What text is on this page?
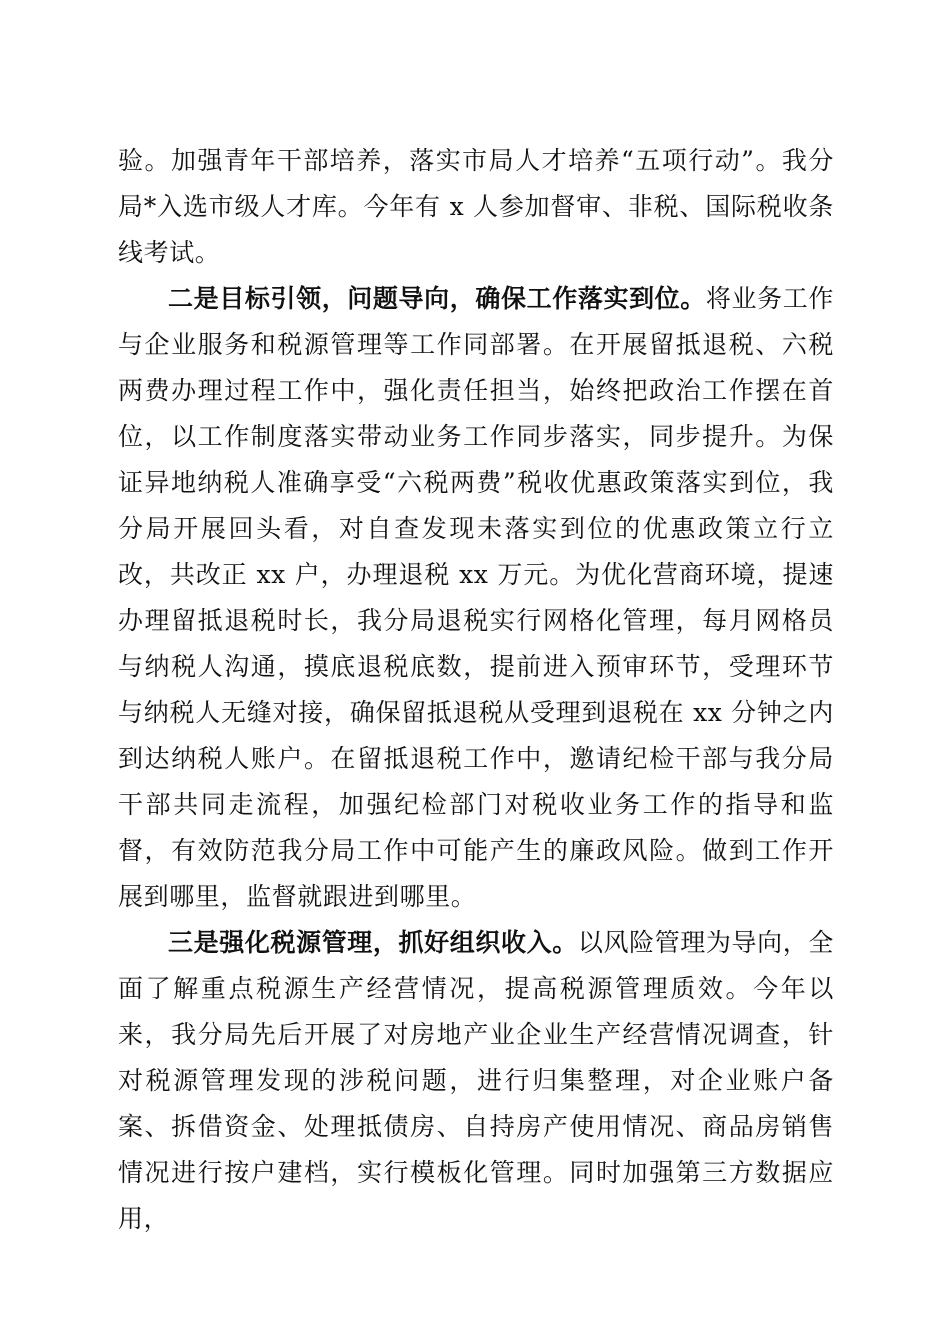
验。加强青年干部培养，落实市局人才培养“五项行动”。我分局*入选市级人才库。今年有 x 人参加督审、非税、国际税收条线考试。

二是目标引领，问题导向，确保工作落实到位。将业务工作与企业服务和税源管理等工作同部署。在开展留抵退税、六税两费办理过程工作中，强化责任担当，始终把政治工作摆在首位，以工作制度落实带动业务工作同步落实，同步提升。为保证异地纳税人准确享受“六税两费”税收优惠政策落实到位，我分局开展回头看，对自查发现未落实到位的优惠政策立行立改，共改正 xx 户，办理退税 xx 万元。为优化营商环境，提速办理留抵退税时长，我分局退税实行网格化管理，每月网格员与纳税人沟通，摸底退税底数，提前进入预审环节，受理环节与纳税人无缝对接，确保留抵退税从受理到退税在 xx 分钟之内到达纳税人账户。在留抵退税工作中，邀请纪检干部与我分局干部共同走流程，加强纪检部门对税收业务工作的指导和监督，有效防范我分局工作中可能产生的廉政风险。做到工作开展到哪里，监督就跟进到哪里。

三是强化税源管理，抓好组织收入。以风险管理为导向，全面了解重点税源生产经营情况，提高税源管理质效。今年以来，我分局先后开展了对房地产业企业生产经营情况调查，针对税源管理发现的涉税问题，进行归集整理，对企业账户备案、拆借资金、处理抵债房、自持房产使用情况、商品房销售情况进行按户建档，实行模板化管理。同时加强第三方数据应用，
